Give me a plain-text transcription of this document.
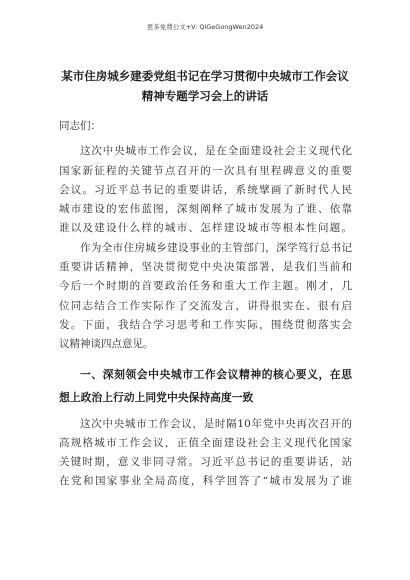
更多免费公文+V: QiGeGongWen2024
某市住房城乡建委党组书记在学习贯彻中央城市工作会议
精神专题学习会上的讲话
同志们：
这次中央城市工作会议，是在全面建设社会主义现代化
国家新征程的关键节点召开的一次具有里程碑意义的重要
会议。习近平总书记的重要讲话，系统擘画了新时代人民
城市建设的宏伟蓝图，深刻阐释了城市发展为了谁、依靠
谁以及建设什么样的城市、怎样建设城市等根本性问题。
作为全市住房城乡建设事业的主管部门，深学笃行总书记
重要讲话精神，坚决贯彻党中央决策部署，是我们当前和
今后一个时期的首要政治任务和重大工作主题。刚才，几
位同志结合工作实际作了交流发言，讲得很实在、很有启
发。下面，我结合学习思考和工作实际，围绕贯彻落实会
议精神谈四点意见。
一、深刻领会中央城市工作会议精神的核心要义，在思
想上政治上行动上同党中央保持高度一致
这次中央城市工作会议，是时隔10年党中央再次召开的
高规格城市工作会议，正值全面建设社会主义现代化国家
关键时期，意义非同寻常。习近平总书记的重要讲话，站
在党和国家事业全局高度，科学回答了“城市发展为了谁
